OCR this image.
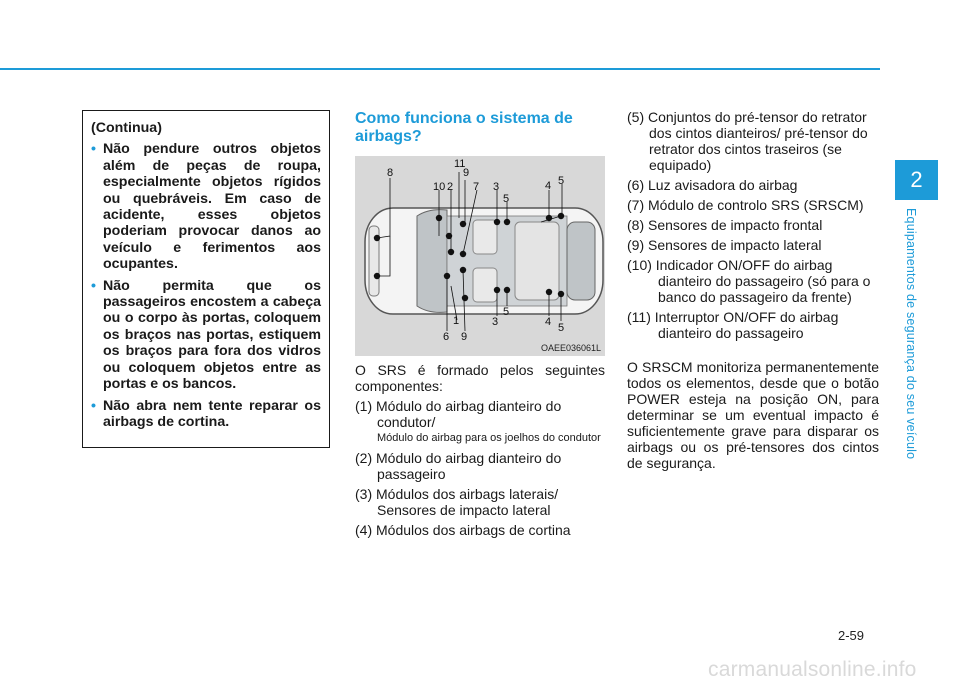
2
Equipamentos de segurança do seu veículo

(Continua)

• Não pendure outros objetos além de peças de roupa, especialmente objetos rígidos ou quebráveis. Em caso de acidente, esses objetos poderiam provocar danos ao veículo e ferimentos aos ocupantes.
• Não permita que os passageiros encostem a cabeça ou o corpo às portas, coloquem os braços nas portas, estiquem os braços para fora dos vidros ou coloquem objetos entre as portas e os bancos.
• Não abra nem tente reparar os airbags de cortina.
Como funciona o sistema de airbags?
8
11
9
10 2 7 3
5
4 5
1
6 9
3
5
4 5
OAEE036061L

O SRS é formado pelos seguintes componentes:

(1) Módulo do airbag dianteiro do condutor/

Módulo do airbag para os joelhos do condutor

(2) Módulo do airbag dianteiro do passageiro

(3) Módulos dos airbags laterais/ Sensores de impacto lateral

(4) Módulos dos airbags de cortina

(5) Conjuntos do pré-tensor do retrator dos cintos dianteiros/ pré-tensor do retrator dos cintos traseiros (se equipado)

(6) Luz avisadora do airbag

(7) Módulo de controlo SRS (SRSCM)

(8) Sensores de impacto frontal

(9) Sensores de impacto lateral

(10) Indicador ON/OFF do airbag dianteiro do passageiro (só para o banco do passageiro da frente)

(11) Interruptor ON/OFF do airbag dianteiro do passageiro

O SRSCM monitoriza permanentemente todos os elementos, desde que o botão POWER esteja na posição ON, para determinar se um eventual impacto é suficientemente grave para disparar os airbags ou os pré-tensores dos cintos de segurança.

2-59
carmanualsonline.info
